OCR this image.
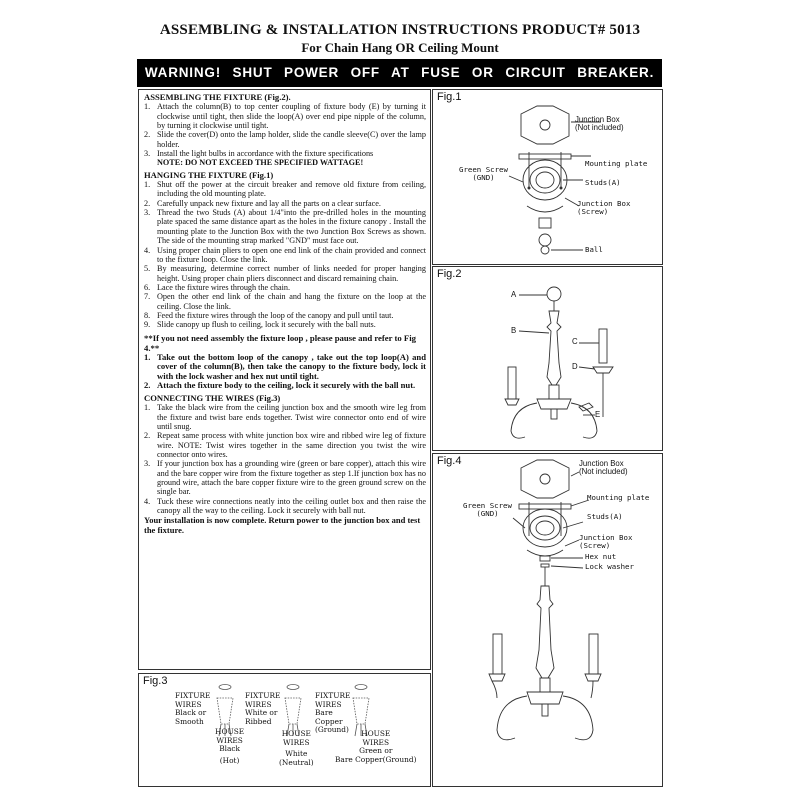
ASSEMBLING & INSTALLATION INSTRUCTIONS PRODUCT# 5013
For Chain Hang OR Ceiling Mount
WARNING! SHUT POWER OFF AT FUSE OR CIRCUIT BREAKER.
ASSEMBLING THE FIXTURE (Fig.2).
1. Attach the column(B) to top center coupling of fixture body (E) by turning it clockwise until tight, then slide the loop(A) over end pipe nipple of the column, by turning it clockwise until tight.
2. Slide the cover(D) onto the lamp holder, slide the candle sleeve(C) over the lamp holder.
3. Install the light bulbs in accordance with the fixture specifications
NOTE: DO NOT EXCEED THE SPECIFIED WATTAGE!
HANGING THE FIXTURE (Fig.1)
1. Shut off the power at the circuit breaker and remove old fixture from ceiling, including the old mounting plate.
2. Carefully unpack new fixture and lay all the parts on a clear surface.
3. Thread the two Studs (A) about 1/4"into the pre-drilled holes in the mounting plate spaced the same distance apart as the holes in the fixture canopy . Install the mounting plate to the Junction Box with the two Junction Box Screws as shown. The side of the mounting strap marked "GND" must face out.
4. Using proper chain pliers to open one end link of the chain provided and connect to the fixture loop. Close the link.
5. By measuring, determine correct number of links needed for proper hanging height. Using proper chain pliers disconnect and discard remaining chain.
6. Lace the fixture wires through the chain.
7. Open the other end link of the chain and hang the fixture on the loop at the ceiling. Close the link.
8. Feed the fixture wires through the loop of the canopy and pull until taut.
9. Slide canopy up flush to ceiling, lock it securely with the ball nuts.
**If you not need assembly the fixture loop , please pause and refer to Fig 4.**
1. Take out the bottom loop of the canopy , take out the top loop(A) and cover of the column(B), then take the canopy to the fixture body, lock it with the lock washer and hex nut until tight.
2. Attach the fixture body to the ceiling, lock it securely with the ball nut.
CONNECTING THE WIRES (Fig.3)
1. Take the black wire from the ceiling junction box and the smooth wire leg from the fixture and twist bare ends together. Twist wire connector onto end of wire until snug.
2. Repeat same process with white junction box wire and ribbed wire leg of fixture wire. NOTE: Twist wires together in the same direction you twist the wire connector onto wires.
3. If your junction box has a grounding wire (green or bare copper), attach this wire and the bare copper wire from the fixture together as step 1.If junction box has no ground wire, attach the bare copper fixture wire to the green ground screw on the single bar.
4. Tuck these wire connections neatly into the ceiling outlet box and then raise the canopy all the way to the ceiling. Lock it securely with ball nut.
Your installation is now complete. Return power to the junction box and test the fixture.
Fig.1
Junction Box
(Not included)
Mounting plate
Green Screw
(GND)
Studs(A)
Junction Box
(Screw)
Ball
Fig.2
A
B
C
D
E
Fig.4	Junction Box
(Not included)
Mounting plate
Green Screw
(GND)	Studs(A)
Junction Box
(Screw)
Hex nut
Lock washer
Fig.3
FIXTURE
WIRES
Black or
Smooth
HOUSE
WIRES
Black
(Hot)
FIXTURE
WIRES
White or
Ribbed
HOUSE
WIRES
White
(Neutral)
FIXTURE
WIRES
Bare
Copper
(Ground)	HOUSE
WIRES
Green or
Bare Copper(Ground)
